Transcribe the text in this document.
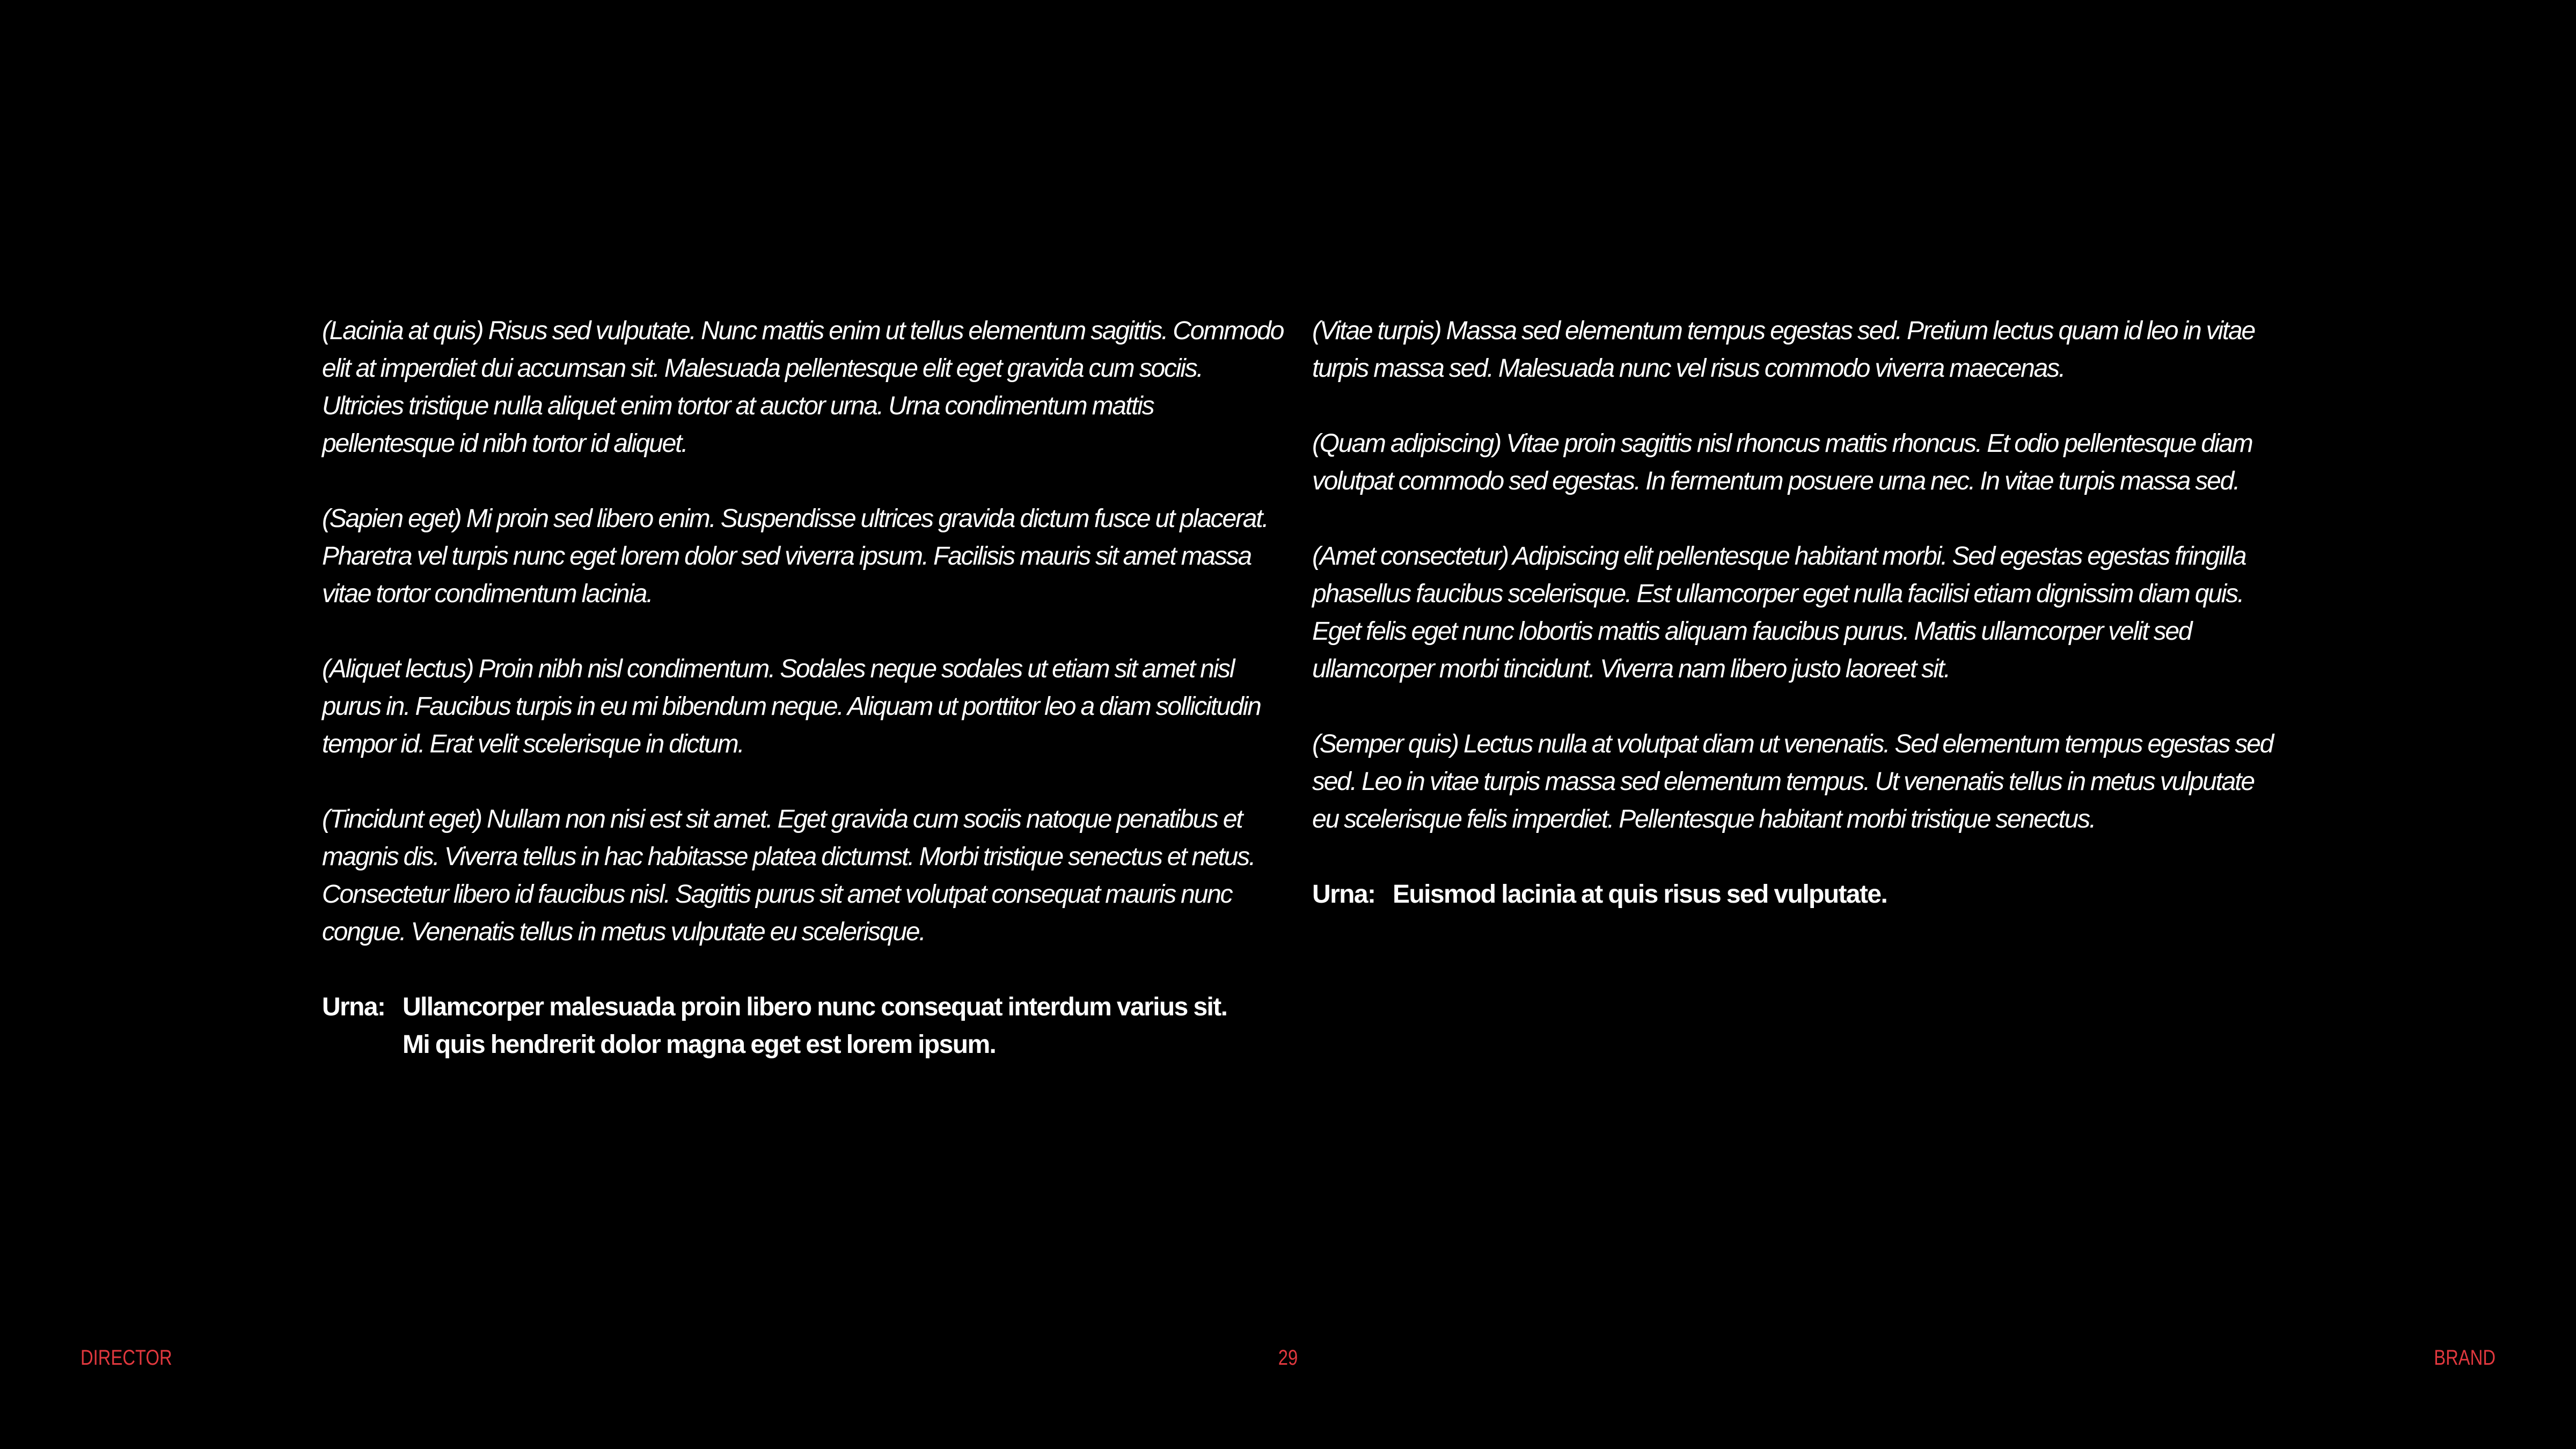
(Lacinia at quis) Risus sed vulputate. Nunc mattis enim ut tellus elementum sagittis. Commodo elit at imperdiet dui accumsan sit. Malesuada pellentesque elit eget gravida cum sociis. Ultricies tristique nulla aliquet enim tortor at auctor urna. Urna condimentum mattis pellentesque id nibh tortor id aliquet.

(Sapien eget) Mi proin sed libero enim. Suspendisse ultrices gravida dictum fusce ut placerat. Pharetra vel turpis nunc eget lorem dolor sed viverra ipsum. Facilisis mauris sit amet massa vitae tortor condimentum lacinia.

(Aliquet lectus) Proin nibh nisl condimentum. Sodales neque sodales ut etiam sit amet nisl purus in. Faucibus turpis in eu mi bibendum neque. Aliquam ut porttitor leo a diam sollicitudin tempor id. Erat velit scelerisque in dictum.

(Tincidunt eget) Nullam non nisi est sit amet. Eget gravida cum sociis natoque penatibus et magnis dis. Viverra tellus in hac habitasse platea dictumst. Morbi tristique senectus et netus. Consectetur libero id faucibus nisl. Sagittis purus sit amet volutpat consequat mauris nunc congue. Venenatis tellus in metus vulputate eu scelerisque.

Urna: Ullamcorper malesuada proin libero nunc consequat interdum varius sit. Mi quis hendrerit dolor magna eget est lorem ipsum.

(Vitae turpis) Massa sed elementum tempus egestas sed. Pretium lectus quam id leo in vitae turpis massa sed. Malesuada nunc vel risus commodo viverra maecenas.

(Quam adipiscing) Vitae proin sagittis nisl rhoncus mattis rhoncus. Et odio pellentesque diam volutpat commodo sed egestas. In fermentum posuere urna nec. In vitae turpis massa sed.

(Amet consectetur) Adipiscing elit pellentesque habitant morbi. Sed egestas egestas fringilla phasellus faucibus scelerisque. Est ullamcorper eget nulla facilisi etiam dignissim diam quis. Eget felis eget nunc lobortis mattis aliquam faucibus purus. Mattis ullamcorper velit sed ullamcorper morbi tincidunt. Viverra nam libero justo laoreet sit.

(Semper quis) Lectus nulla at volutpat diam ut venenatis. Sed elementum tempus egestas sed sed. Leo in vitae turpis massa sed elementum tempus. Ut venenatis tellus in metus vulputate eu scelerisque felis imperdiet. Pellentesque habitant morbi tristique senectus.

Urna: Euismod lacinia at quis risus sed vulputate.
DIRECTOR	29	BRAND
